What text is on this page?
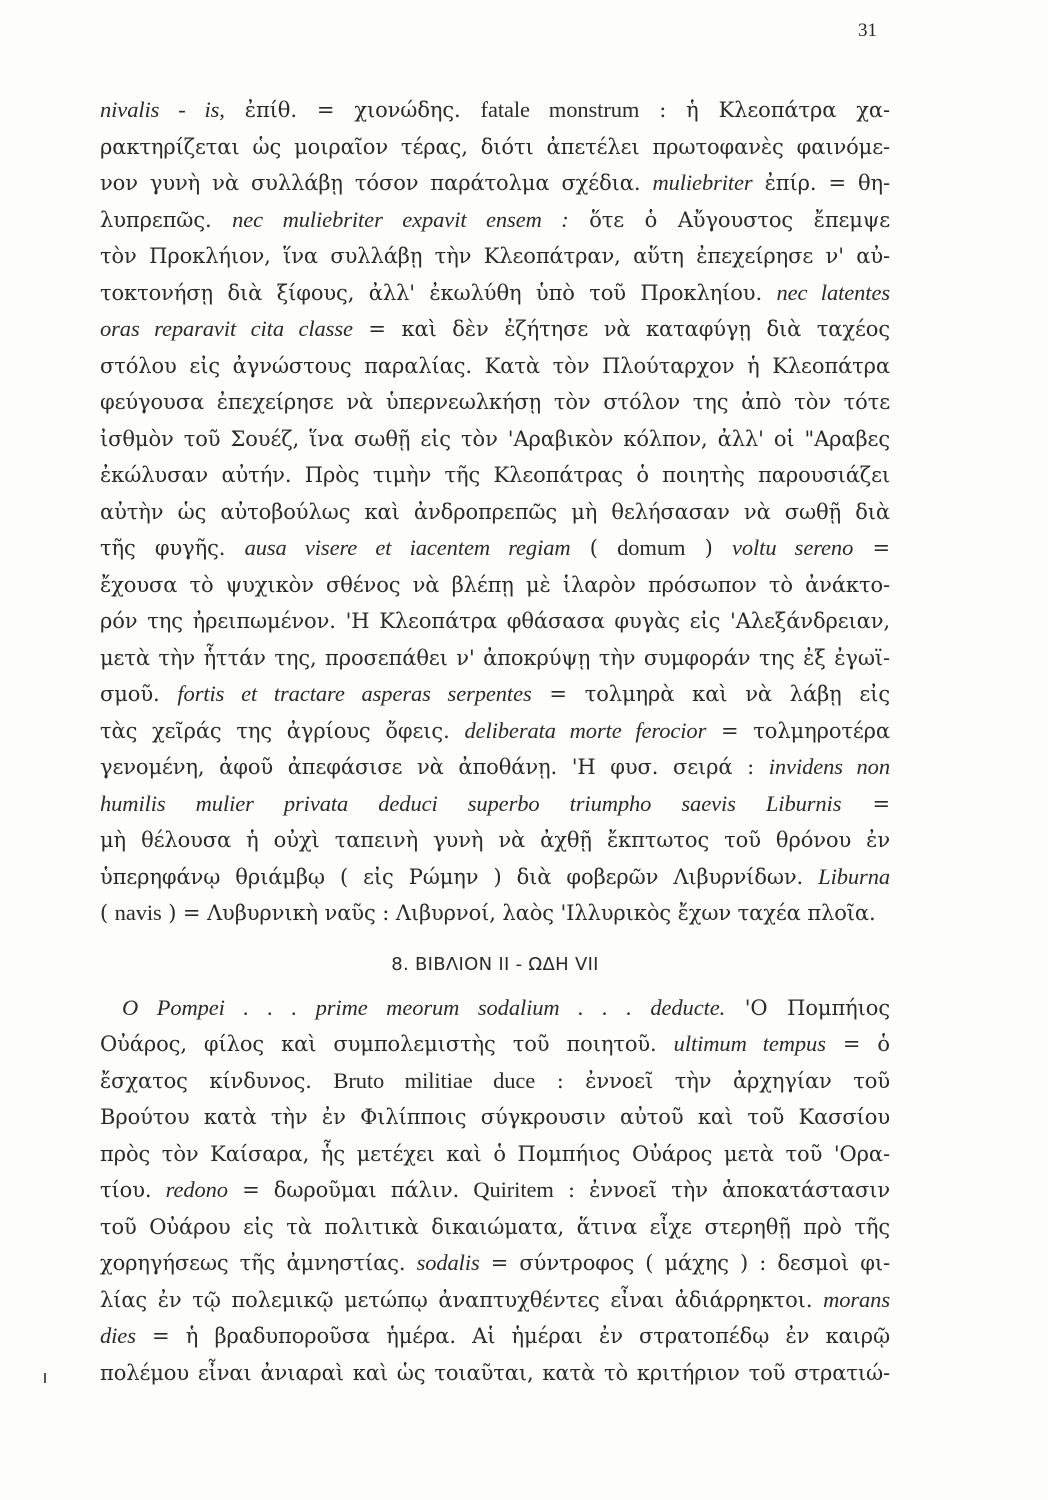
31
nivalis - is, ἐπίθ. = χιονώδης. fatale monstrum : ἡ Κλεοπάτρα χα-
ρακτηρίζεται ὡς μοιραῖον τέρας, διότι ἀπετέλει πρωτοφανὲς φαινόμε-
νον γυνὴ νὰ συλλάβῃ τόσον παράτολμα σχέδια. muliebriter ἐπίρ. = θη-
λυπρεπῶς. nec muliebriter expavit ensem : ὅτε ὁ Αὔγουστος ἔπεμψε
τὸν Προκλήιον, ἵνα συλλάβῃ τὴν Κλεοπάτραν, αὕτη ἐπεχείρησε ν' αὐ-
τοκτονήσῃ διὰ ξίφους, ἀλλ' ἐκωλύθη ὑπὸ τοῦ Προκληίου. nec latentes
oras reparavit cita classe = καὶ δὲν ἐζήτησε νὰ καταφύγῃ διὰ ταχέος
στόλου εἰς ἀγνώστους παραλίας. Κατὰ τὸν Πλούταρχον ἡ Κλεοπάτρα
φεύγουσα ἐπεχείρησε νὰ ὑπερνεωλκήσῃ τὸν στόλον της ἀπὸ τὸν τότε
ἰσθμὸν τοῦ Σουέζ, ἵνα σωθῇ εἰς τὸν 'Αραβικὸν κόλπον, ἀλλ' οἱ "Αραβες
ἐκώλυσαν αὐτήν. Πρὸς τιμὴν τῆς Κλεοπάτρας ὁ ποιητὴς παρουσιάζει
αὐτὴν ὡς αὐτοβούλως καὶ ἀνδροπρεπῶς μὴ θελήσασαν νὰ σωθῇ διὰ
τῆς φυγῆς. ausa visere et iacentem regiam ( domum ) voltu sereno =
ἔχουσα τὸ ψυχικὸν σθένος νὰ βλέπῃ μὲ ἱλαρὸν πρόσωπον τὸ ἀνάκτο-
ρόν της ἠρειπωμένον. 'Η Κλεοπάτρα φθάσασα φυγὰς εἰς 'Αλεξάνδρειαν,
μετὰ τὴν ἧττάν της, προσεπάθει ν' ἀποκρύψῃ τὴν συμφοράν της ἐξ ἐγωϊ-
σμοῦ. fortis et tractare asperas serpentes = τολμηρὰ καὶ νὰ λάβῃ εἰς
τὰς χεῖράς της ἀγρίους ὄφεις. deliberata morte ferocior = τολμηροτέρα
γενομένη, ἀφοῦ ἀπεφάσισε νὰ ἀποθάνῃ. 'Η φυσ. σειρά : invidens non
humilis mulier privata deduci superbo triumpho saevis Liburnis =
μὴ θέλουσα ἡ οὐχὶ ταπεινὴ γυνὴ νὰ ἀχθῇ ἔκπτωτος τοῦ θρόνου ἐν
ὑπερηφάνῳ θριάμβῳ ( εἰς Ρώμην ) διὰ φοβερῶν Λιβυρνίδων. Liburna
( navis ) = Λυβυρνικὴ ναῦς : Λιβυρνοί, λαὸς 'Ιλλυρικὸς ἔχων ταχέα πλοῖα.
8. ΒΙΒΛΙΟΝ ΙΙ - ΩΔΗ VII
O Pompei . . . prime meorum sodalium . . . deducte. 'Ο Πομπήιος
Οὐάρος, φίλος καὶ συμπολεμιστὴς τοῦ ποιητοῦ. ultimum tempus = ὁ
ἔσχατος κίνδυνος. Bruto militiae duce : ἐννοεῖ τὴν ἀρχηγίαν τοῦ
Βρούτου κατὰ τὴν ἐν Φιλίπποις σύγκρουσιν αὐτοῦ καὶ τοῦ Κασσίου
πρὸς τὸν Καίσαρα, ἧς μετέχει καὶ ὁ Πομπήιος Οὐάρος μετὰ τοῦ 'Ορα-
τίου. redono = δωροῦμαι πάλιν. Quiritem : ἐννοεῖ τὴν ἀποκατάστασιν
τοῦ Οὐάρου εἰς τὰ πολιτικὰ δικαιώματα, ἅτινα εἶχε στερηθῇ πρὸ τῆς
χορηγήσεως τῆς ἀμνηστίας. sodalis = σύντροφος ( μάχης ) : δεσμοὶ φι-
λίας ἐν τῷ πολεμικῷ μετώπῳ ἀναπτυχθέντες εἶναι ἀδιάρρηκτοι. morans
dies = ἡ βραδυποροῦσα ἡμέρα. Αἱ ἡμέραι ἐν στρατοπέδῳ ἐν καιρῷ
πολέμου εἶναι ἀνιαραὶ καὶ ὡς τοιαῦται, κατὰ τὸ κριτήριον τοῦ στρατιώ-
